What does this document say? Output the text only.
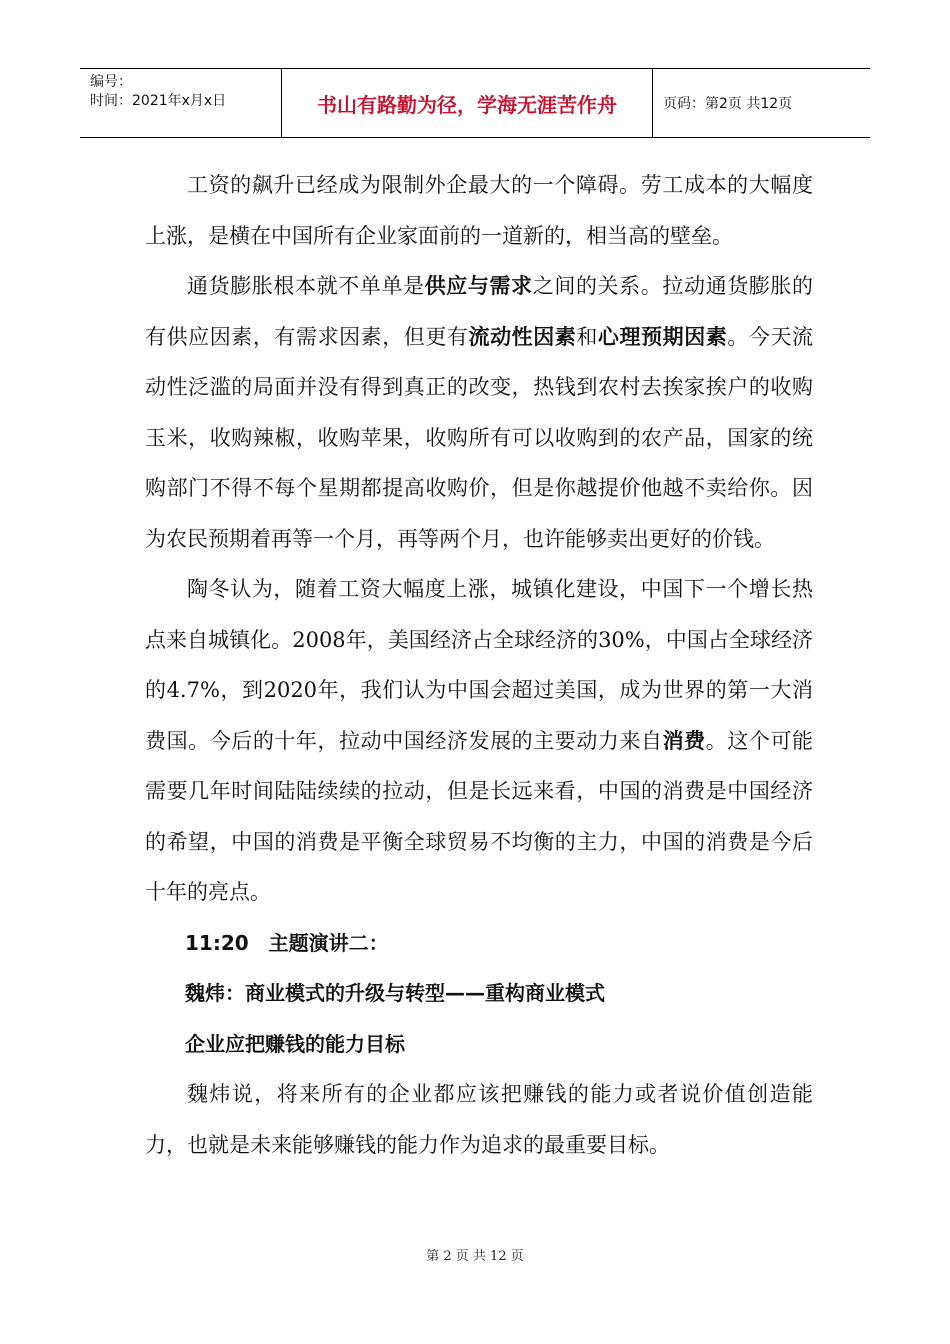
编号：
时间：2021年x月x日	书山有路勤为径，学海无涯苦作舟	页码：第2页 共12页

工资的飙升已经成为限制外企最大的一个障碍。劳工成本的大幅度上涨，是横在中国所有企业家面前的一道新的，相当高的壁垒。

通货膨胀根本就不单单是供应与需求之间的关系。拉动通货膨胀的有供应因素，有需求因素，但更有流动性因素和心理预期因素。今天流动性泛滥的局面并没有得到真正的改变，热钱到农村去挨家挨户的收购玉米，收购辣椒，收购苹果，收购所有可以收购到的农产品，国家的统购部门不得不每个星期都提高收购价，但是你越提价他越不卖给你。因为农民预期着再等一个月，再等两个月，也许能够卖出更好的价钱。

陶冬认为，随着工资大幅度上涨，城镇化建设，中国下一个增长热点来自城镇化。2008年，美国经济占全球经济的30%，中国占全球经济的4.7%，到2020年，我们认为中国会超过美国，成为世界的第一大消费国。今后的十年，拉动中国经济发展的主要动力来自消费。这个可能需要几年时间陆陆续续的拉动，但是长远来看，中国的消费是中国经济的希望，中国的消费是平衡全球贸易不均衡的主力，中国的消费是今后十年的亮点。

11:20　主题演讲二：

魏炜：商业模式的升级与转型——重构商业模式

企业应把赚钱的能力目标

魏炜说，将来所有的企业都应该把赚钱的能力或者说价值创造能力，也就是未来能够赚钱的能力作为追求的最重要目标。

第 2 页 共 12 页
